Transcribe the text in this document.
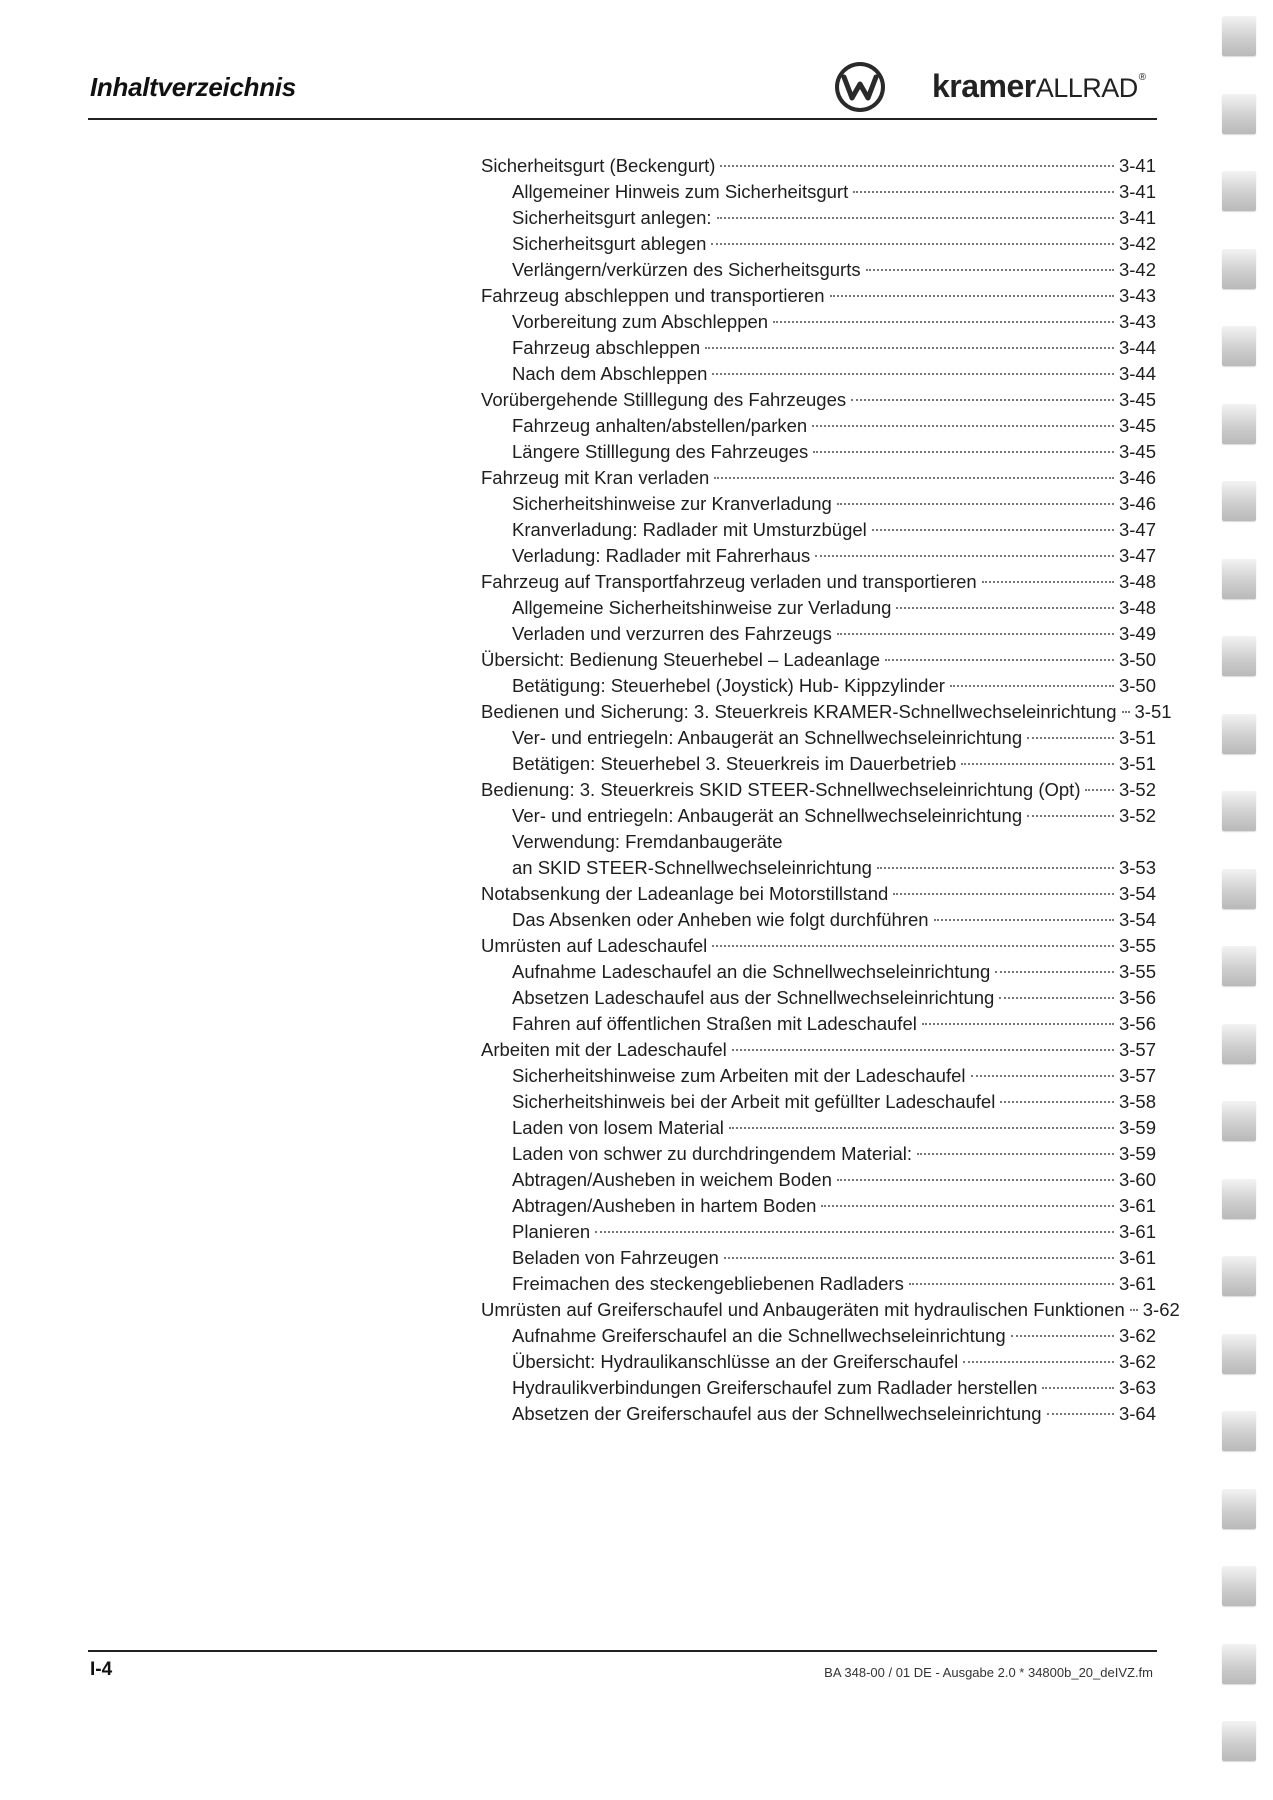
Inhaltverzeichnis	kramerALLRAD®
Sicherheitsgurt (Beckengurt)	3-41
Allgemeiner Hinweis zum Sicherheitsgurt	3-41
Sicherheitsgurt anlegen:	3-41
Sicherheitsgurt ablegen	3-42
Verlängern/verkürzen des Sicherheitsgurts	3-42
Fahrzeug abschleppen und transportieren	3-43
Vorbereitung zum Abschleppen	3-43
Fahrzeug abschleppen	3-44
Nach dem Abschleppen	3-44
Vorübergehende Stilllegung des Fahrzeuges	3-45
Fahrzeug anhalten/abstellen/parken	3-45
Längere Stilllegung des Fahrzeuges	3-45
Fahrzeug mit Kran verladen	3-46
Sicherheitshinweise zur Kranverladung	3-46
Kranverladung: Radlader mit Umsturzbügel	3-47
Verladung: Radlader mit Fahrerhaus	3-47
Fahrzeug auf Transportfahrzeug verladen und transportieren	3-48
Allgemeine Sicherheitshinweise zur Verladung	3-48
Verladen und verzurren des Fahrzeugs	3-49
Übersicht: Bedienung Steuerhebel – Ladeanlage	3-50
Betätigung: Steuerhebel (Joystick) Hub- Kippzylinder	3-50
Bedienen und Sicherung: 3. Steuerkreis KRAMER-Schnellwechseleinrichtung 3-51
Ver- und entriegeln: Anbaugerät an Schnellwechseleinrichtung	3-51
Betätigen: Steuerhebel 3. Steuerkreis im Dauerbetrieb	3-51
Bedienung: 3. Steuerkreis SKID STEER-Schnellwechseleinrichtung (Opt) 3-52
Ver- und entriegeln: Anbaugerät an Schnellwechseleinrichtung	3-52
Verwendung: Fremdanbaugeräte
an SKID STEER-Schnellwechseleinrichtung	3-53
Notabsenkung der Ladeanlage bei Motorstillstand	3-54
Das Absenken oder Anheben wie folgt durchführen	3-54
Umrüsten auf Ladeschaufel	3-55
Aufnahme Ladeschaufel an die Schnellwechseleinrichtung	3-55
Absetzen Ladeschaufel aus der Schnellwechseleinrichtung	3-56
Fahren auf öffentlichen Straßen mit Ladeschaufel	3-56
Arbeiten mit der Ladeschaufel	3-57
Sicherheitshinweise zum Arbeiten mit der Ladeschaufel	3-57
Sicherheitshinweis bei der Arbeit mit gefüllter Ladeschaufel	3-58
Laden von losem Material	3-59
Laden von schwer zu durchdringendem Material:	3-59
Abtragen/Ausheben in weichem Boden	3-60
Abtragen/Ausheben in hartem Boden	3-61
Planieren	3-61
Beladen von Fahrzeugen	3-61
Freimachen des steckengebliebenen Radladers	3-61
Umrüsten auf Greiferschaufel und Anbaugeräten mit hydraulischen Funktionen 3-62
Aufnahme Greiferschaufel an die Schnellwechseleinrichtung	3-62
Übersicht: Hydraulikanschlüsse an der Greiferschaufel	3-62
Hydraulikverbindungen Greiferschaufel zum Radlader herstellen	3-63
Absetzen der Greiferschaufel aus der Schnellwechseleinrichtung	3-64
I-4	BA 348-00 / 01 DE - Ausgabe 2.0 * 34800b_20_deIVZ.fm
